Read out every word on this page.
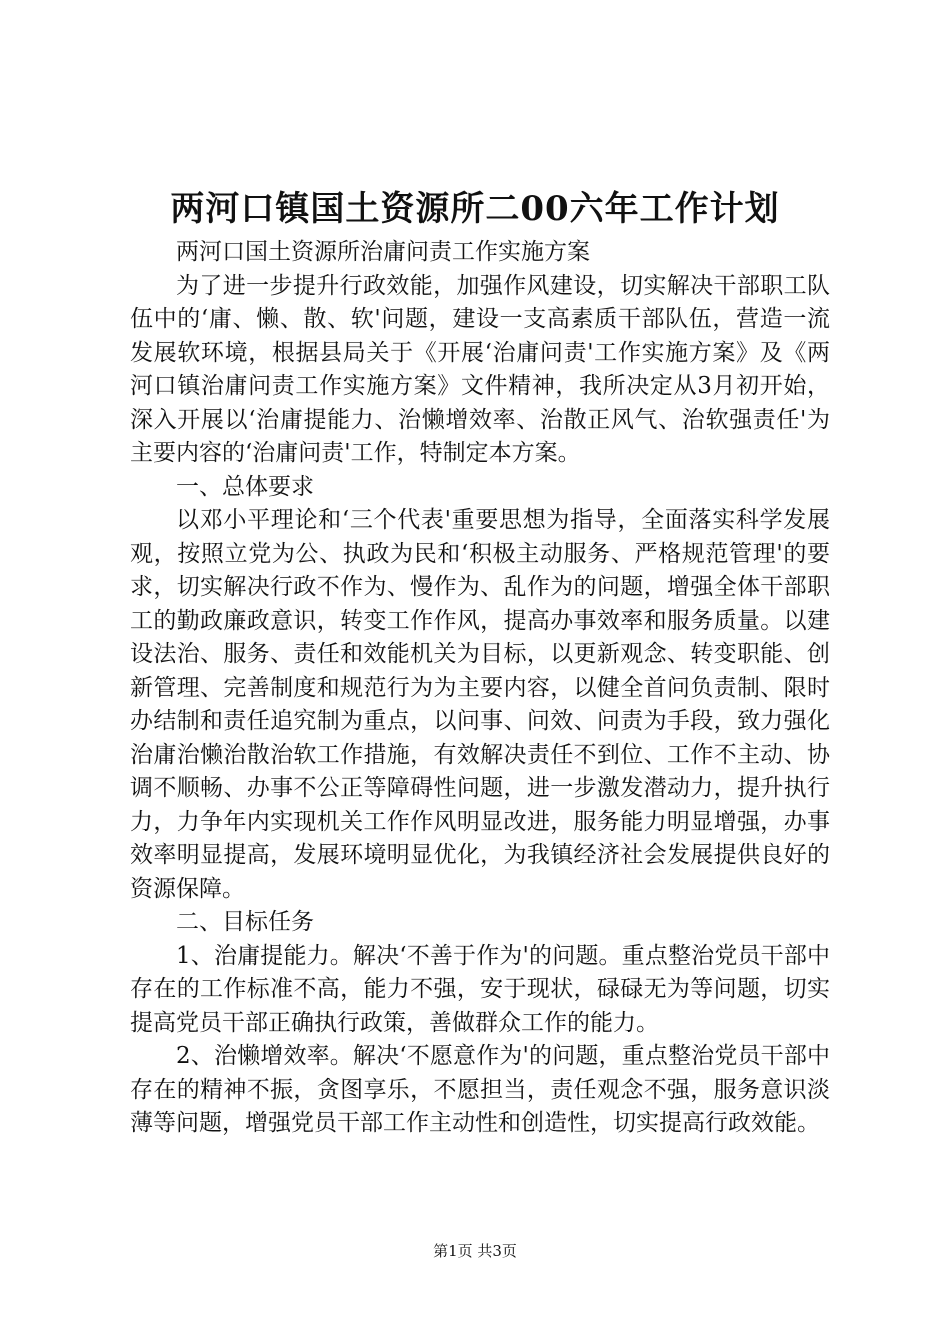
两河口镇国土资源所二00六年工作计划

两河口国土资源所治庸问责工作实施方案

为了进一步提升行政效能，加强作风建设，切实解决干部职工队伍中的‘庸、懒、散、软'问题，建设一支高素质干部队伍，营造一流发展软环境，根据县局关于《开展‘治庸问责'工作实施方案》及《两河口镇治庸问责工作实施方案》文件精神，我所决定从3月初开始，深入开展以‘治庸提能力、治懒增效率、治散正风气、治软强责任'为主要内容的‘治庸问责'工作，特制定本方案。

一、总体要求

以邓小平理论和‘三个代表'重要思想为指导，全面落实科学发展观，按照立党为公、执政为民和‘积极主动服务、严格规范管理'的要求，切实解决行政不作为、慢作为、乱作为的问题，增强全体干部职工的勤政廉政意识，转变工作作风，提高办事效率和服务质量。以建设法治、服务、责任和效能机关为目标，以更新观念、转变职能、创新管理、完善制度和规范行为为主要内容，以健全首问负责制、限时办结制和责任追究制为重点，以问事、问效、问责为手段，致力强化治庸治懒治散治软工作措施，有效解决责任不到位、工作不主动、协调不顺畅、办事不公正等障碍性问题，进一步激发潜动力，提升执行力，力争年内实现机关工作作风明显改进，服务能力明显增强，办事效率明显提高，发展环境明显优化，为我镇经济社会发展提供良好的资源保障。

二、目标任务

1、治庸提能力。解决‘不善于作为'的问题。重点整治党员干部中存在的工作标准不高，能力不强，安于现状，碌碌无为等问题，切实提高党员干部正确执行政策，善做群众工作的能力。

2、治懒增效率。解决‘不愿意作为'的问题，重点整治党员干部中存在的精神不振，贪图享乐，不愿担当，责任观念不强，服务意识淡薄等问题，增强党员干部工作主动性和创造性，切实提高行政效能。

第1页 共3页
